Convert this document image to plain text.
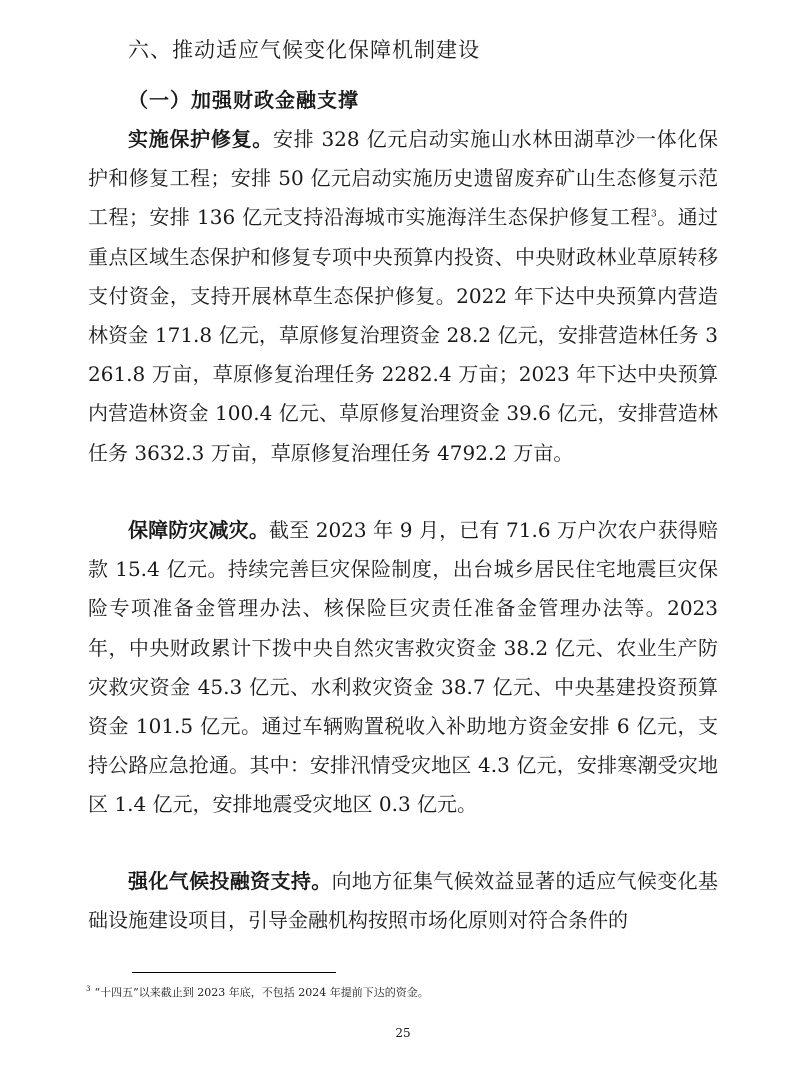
六、推动适应气候变化保障机制建设
（一）加强财政金融支撑
实施保护修复。安排 328 亿元启动实施山水林田湖草沙一体化保护和修复工程；安排 50 亿元启动实施历史遗留废弃矿山生态修复示范工程；安排 136 亿元支持沿海城市实施海洋生态保护修复工程$^3$。通过重点区域生态保护和修复专项中央预算内投资、中央财政林业草原转移支付资金，支持开展林草生态保护修复。2022 年下达中央预算内营造林资金 171.8 亿元，草原修复治理资金 28.2 亿元，安排营造林任务 3261.8 万亩，草原修复治理任务 2282.4 万亩；2023 年下达中央预算内营造林资金 100.4 亿元、草原修复治理资金 39.6 亿元，安排营造林任务 3632.3 万亩，草原修复治理任务 4792.2 万亩。
保障防灾减灾。截至 2023 年 9 月，已有 71.6 万户次农户获得赔款 15.4 亿元。持续完善巨灾保险制度，出台城乡居民住宅地震巨灾保险专项准备金管理办法、核保险巨灾责任准备金管理办法等。2023 年，中央财政累计下拨中央自然灾害救灾资金 38.2 亿元、农业生产防灾救灾资金 45.3 亿元、水利救灾资金 38.7 亿元、中央基建投资预算资金 101.5 亿元。通过车辆购置税收入补助地方资金安排 6 亿元，支持公路应急抢通。其中：安排汛情受灾地区 4.3 亿元，安排寒潮受灾地区 1.4 亿元，安排地震受灾地区 0.3 亿元。
强化气候投融资支持。向地方征集气候效益显著的适应气候变化基础设施建设项目，引导金融机构按照市场化原则对符合条件的
$^3$ “十四五”以来截止到 2023 年底，不包括 2024 年提前下达的资金。
25
